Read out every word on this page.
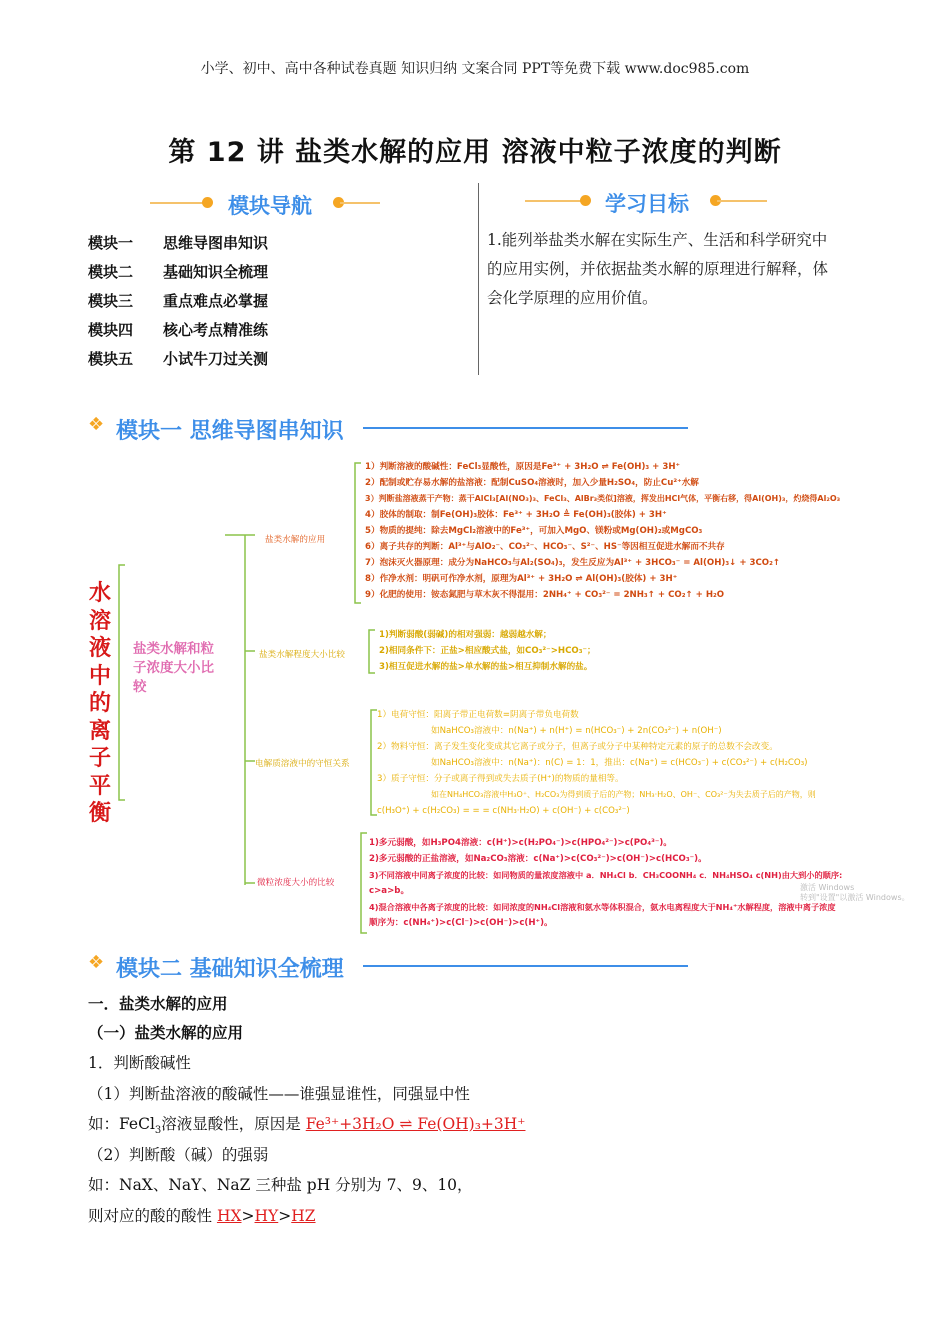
小学、初中、高中各种试卷真题 知识归纳 文案合同 PPT等免费下载 www.doc985.com
第 12 讲 盐类水解的应用 溶液中粒子浓度的判断
模块导航
模块一 思维导图串知识
模块二 基础知识全梳理
模块三 重点难点必掌握
模块四 核心考点精准练
模块五 小试牛刀过关测
学习目标
1.能列举盐类水解在实际生产、生活和科学研究中
的应用实例，并依据盐类水解的原理进行解释，体
会化学原理的应用价值。
❖ 模块一 思维导图串知识
水
溶
液
中
的
离
子
平
衡
盐类水解和粒
子浓度大小比
较
盐类水解的应用
1）判断溶液的酸碱性：FeCl₃显酸性，原因是Fe³⁺ + 3H₂O ⇌ Fe(OH)₃ + 3H⁺
2）配制或贮存易水解的盐溶液：配制CuSO₄溶液时，加入少量H₂SO₄，防止Cu²⁺水解
3）判断盐溶液蒸干产物：蒸干AlCl₃[Al(NO₃)₃、FeCl₃、AlBr₃类似]溶液，挥发出HCl气体，平衡右移，得Al(OH)₃，灼烧得Al₂O₃
4）胶体的制取：制Fe(OH)₃胶体：Fe³⁺ + 3H₂O ≜ Fe(OH)₃(胶体) + 3H⁺
5）物质的提纯：除去MgCl₂溶液中的Fe³⁺，可加入MgO、镁粉或Mg(OH)₂或MgCO₃
6）离子共存的判断：Al³⁺与AlO₂⁻、CO₃²⁻、HCO₃⁻、S²⁻、HS⁻等因相互促进水解而不共存
7）泡沫灭火器原理：成分为NaHCO₃与Al₂(SO₄)₃，发生反应为Al³⁺ + 3HCO₃⁻ = Al(OH)₃↓ + 3CO₂↑
8）作净水剂：明矾可作净水剂，原理为Al³⁺ + 3H₂O ⇌ Al(OH)₃(胶体) + 3H⁺
9）化肥的使用：铵态氮肥与草木灰不得混用：2NH₄⁺ + CO₃²⁻ = 2NH₃↑ + CO₂↑ + H₂O
盐类水解程度大小比较
1)判断弱酸(弱碱)的相对强弱：越弱越水解；
2)相同条件下：正盐>相应酸式盐，如CO₃²⁻>HCO₃⁻；
3)相互促进水解的盐>单水解的盐>相互抑制水解的盐。
电解质溶液中的守恒关系
1）电荷守恒：阳离子带正电荷数=阴离子带负电荷数
如NaHCO₃溶液中：n(Na⁺) + n(H⁺) = n(HCO₃⁻) + 2n(CO₃²⁻) + n(OH⁻)
2）物料守恒：离子发生变化变成其它离子或分子，但离子或分子中某种特定元素的原子的总数不会改变。
如NaHCO₃溶液中：n(Na⁺)：n(C) = 1：1，推出：c(Na⁺) = c(HCO₃⁻) + c(CO₃²⁻) + c(H₂CO₃)
3）质子守恒：分子或离子得到或失去质子(H⁺)的物质的量相等。
如在NH₄HCO₃溶液中H₃O⁺、H₂CO₃为得到质子后的产物；NH₃·H₂O、OH⁻、CO₃²⁻为失去质子后的产物，则
c(H₃O⁺) + c(H₂CO₃) = = = c(NH₃·H₂O) + c(OH⁻) + c(CO₃²⁻)
微粒浓度大小的比较
1)多元弱酸，如H₃PO4溶液：c(H⁺)>c(H₂PO₄⁻)>c(HPO₄²⁻)>c(PO₄³⁻)。
2)多元弱酸的正盐溶液，如Na₂CO₃溶液：c(Na⁺)>c(CO₃²⁻)>c(OH⁻)>c(HCO₃⁻)。
3)不同溶液中同离子浓度的比较：如同物质的量浓度溶液中 a．NH₄Cl b．CH₃COONH₄ c．NH₄HSO₄ c(NH)由大到小的顺序:
c>a>b。
4)混合溶液中各离子浓度的比较：如同浓度的NH₄Cl溶液和氨水等体积混合，氨水电离程度大于NH₄⁺水解程度，溶液中离子浓度
顺序为：c(NH₄⁺)>c(Cl⁻)>c(OH⁻)>c(H⁺)。
激活 Windows
转到"设置"以激活 Windows。
❖ 模块二 基础知识全梳理
一．盐类水解的应用
（一）盐类水解的应用
1．判断酸碱性
（1）判断盐溶液的酸碱性——谁强显谁性，同强显中性
如：FeCl$_3$溶液显酸性，原因是 Fe³⁺+3H₂O ⇌ Fe(OH)₃+3H⁺
（2）判断酸（碱）的强弱
如：NaX、NaY、NaZ 三种盐 pH 分别为 7、9、10，
则对应的酸的酸性 HX>HY>HZ
